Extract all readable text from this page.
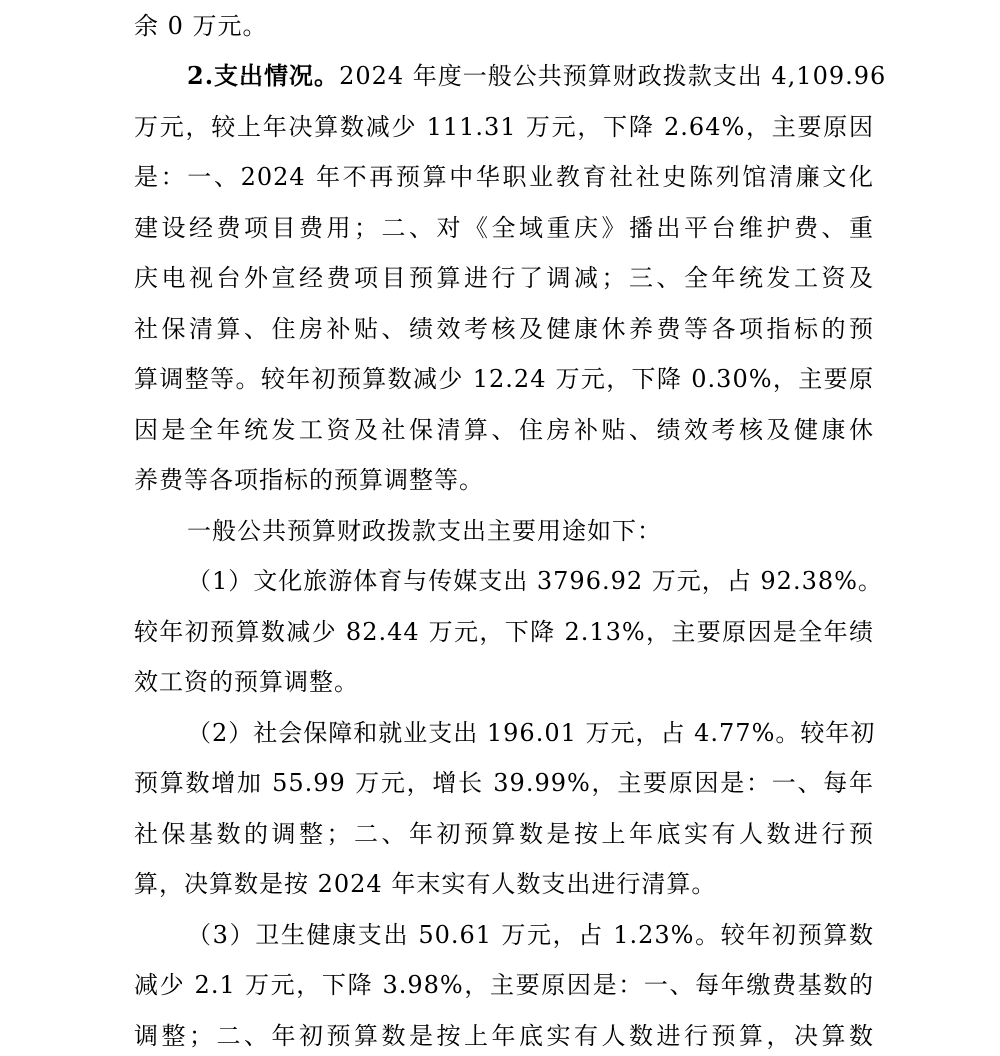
余 0 万元。
2.支出情况。2024 年度一般公共预算财政拨款支出 4,109.96
万元，较上年决算数减少 111.31 万元，下降 2.64%，主要原因
是：一、2024 年不再预算中华职业教育社社史陈列馆清廉文化
建设经费项目费用；二、对《全域重庆》播出平台维护费、重
庆电视台外宣经费项目预算进行了调减；三、全年统发工资及
社保清算、住房补贴、绩效考核及健康休养费等各项指标的预
算调整等。较年初预算数减少 12.24 万元，下降 0.30%，主要原
因是全年统发工资及社保清算、住房补贴、绩效考核及健康休
养费等各项指标的预算调整等。
一般公共预算财政拨款支出主要用途如下：
（1）文化旅游体育与传媒支出 3796.92 万元，占 92.38%。
较年初预算数减少 82.44 万元，下降 2.13%，主要原因是全年绩
效工资的预算调整。
（2）社会保障和就业支出 196.01 万元，占 4.77%。较年初
预算数增加 55.99 万元，增长 39.99%，主要原因是：一、每年
社保基数的调整；二、年初预算数是按上年底实有人数进行预
算，决算数是按 2024 年末实有人数支出进行清算。
（3）卫生健康支出 50.61 万元，占 1.23%。较年初预算数
减少 2.1 万元，下降 3.98%，主要原因是：一、每年缴费基数的
调整；二、年初预算数是按上年底实有人数进行预算，决算数
